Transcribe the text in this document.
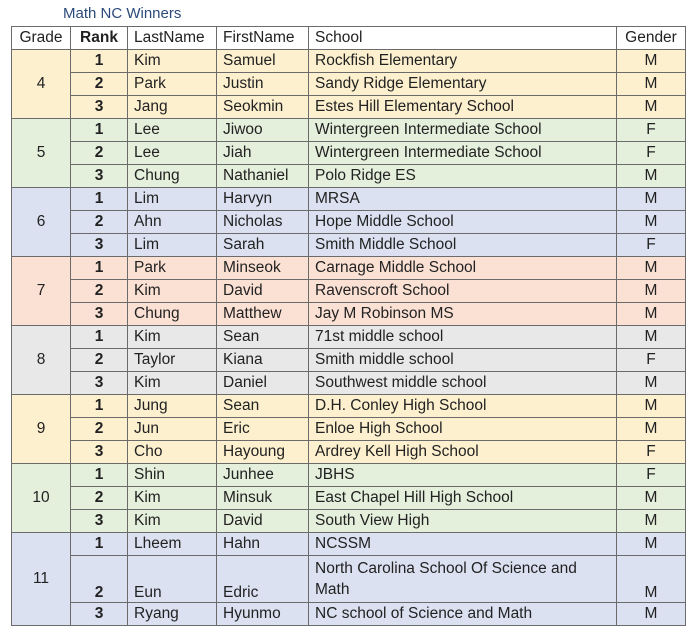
Math NC Winners
Grade	Rank	LastName	FirstName	School	Gender
4	1	Kim	Samuel	Rockfish Elementary	M
	2	Park	Justin	Sandy Ridge Elementary	M
	3	Jang	Seokmin	Estes Hill Elementary School	M
5	1	Lee	Jiwoo	Wintergreen Intermediate School	F
	2	Lee	Jiah	Wintergreen Intermediate School	F
	3	Chung	Nathaniel	Polo Ridge ES	M
6	1	Lim	Harvyn	MRSA	M
	2	Ahn	Nicholas	Hope Middle School	M
	3	Lim	Sarah	Smith Middle School	F
7	1	Park	Minseok	Carnage Middle School	M
	2	Kim	David	Ravenscroft School	M
	3	Chung	Matthew	Jay M Robinson MS	M
8	1	Kim	Sean	71st middle school	M
	2	Taylor	Kiana	Smith middle school	F
	3	Kim	Daniel	Southwest middle school	M
9	1	Jung	Sean	D.H. Conley High School	M
	2	Jun	Eric	Enloe High School	M
	3	Cho	Hayoung	Ardrey Kell High School	F
10	1	Shin	Junhee	JBHS	F
	2	Kim	Minsuk	East Chapel Hill High School	M
	3	Kim	David	South View High	M
11	1	Lheem	Hahn	NCSSM	M
	2	Eun	Edric	North Carolina School Of Science and Math	M
	3	Ryang	Hyunmo	NC school of Science and Math	M
